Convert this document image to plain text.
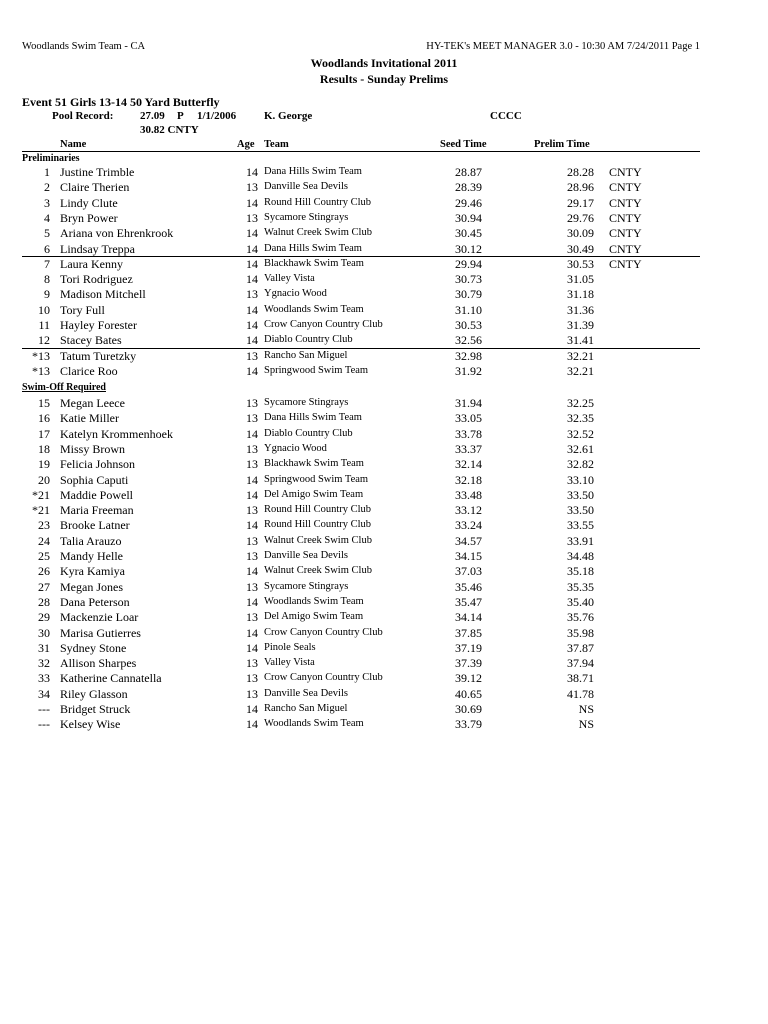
Woodlands Swim Team - CA	HY-TEK's MEET MANAGER 3.0 - 10:30 AM 7/24/2011 Page 1
Woodlands Invitational 2011
Results - Sunday Prelims
Event 51 Girls 13-14 50 Yard Butterfly
Pool Record: 27.09 P 1/1/2006	K. George	CCCC
30.82 CNTY
Name	Age Team	Seed Time	Prelim Time
Preliminaries
1 Justine Trimble	14 Dana Hills Swim Team	28.87	28.28 CNTY
2 Claire Therien	13 Danville Sea Devils	28.39	28.96 CNTY
3 Lindy Clute	14 Round Hill Country Club	29.46	29.17 CNTY
4 Bryn Power	13 Sycamore Stingrays	30.94	29.76 CNTY
5 Ariana von Ehrenkrook	14 Walnut Creek Swim Club	30.45	30.09 CNTY
6 Lindsay Treppa	14 Dana Hills Swim Team	30.12	30.49 CNTY
7 Laura Kenny	14 Blackhawk Swim Team	29.94	30.53 CNTY
8 Tori Rodriguez	14 Valley Vista	30.73	31.05
9 Madison Mitchell	13 Ygnacio Wood	30.79	31.18
10 Tory Full	14 Woodlands Swim Team	31.10	31.36
11 Hayley Forester	14 Crow Canyon Country Club	30.53	31.39
12 Stacey Bates	14 Diablo Country Club	32.56	31.41
*13 Tatum Turetzky	13 Rancho San Miguel	32.98	32.21
*13 Clarice Roo	14 Springwood Swim Team	31.92	32.21
15 Megan Leece	13 Sycamore Stingrays	31.94	32.25
16 Katie Miller	13 Dana Hills Swim Team	33.05	32.35
17 Katelyn Krommenhoek	14 Diablo Country Club	33.78	32.52
18 Missy Brown	13 Ygnacio Wood	33.37	32.61
19 Felicia Johnson	13 Blackhawk Swim Team	32.14	32.82
20 Sophia Caputi	14 Springwood Swim Team	32.18	33.10
*21 Maddie Powell	14 Del Amigo Swim Team	33.48	33.50
*21 Maria Freeman	13 Round Hill Country Club	33.12	33.50
23 Brooke Latner	14 Round Hill Country Club	33.24	33.55
24 Talia Arauzo	13 Walnut Creek Swim Club	34.57	33.91
25 Mandy Helle	13 Danville Sea Devils	34.15	34.48
26 Kyra Kamiya	14 Walnut Creek Swim Club	37.03	35.18
27 Megan Jones	13 Sycamore Stingrays	35.46	35.35
28 Dana Peterson	14 Woodlands Swim Team	35.47	35.40
29 Mackenzie Loar	13 Del Amigo Swim Team	34.14	35.76
30 Marisa Gutierres	14 Crow Canyon Country Club	37.85	35.98
31 Sydney Stone	14 Pinole Seals	37.19	37.87
32 Allison Sharpes	13 Valley Vista	37.39	37.94
33 Katherine Cannatella	13 Crow Canyon Country Club	39.12	38.71
34 Riley Glasson	13 Danville Sea Devils	40.65	41.78
--- Bridget Struck	14 Rancho San Miguel	30.69	NS
--- Kelsey Wise	14 Woodlands Swim Team	33.79	NS
Swim-Off Required
